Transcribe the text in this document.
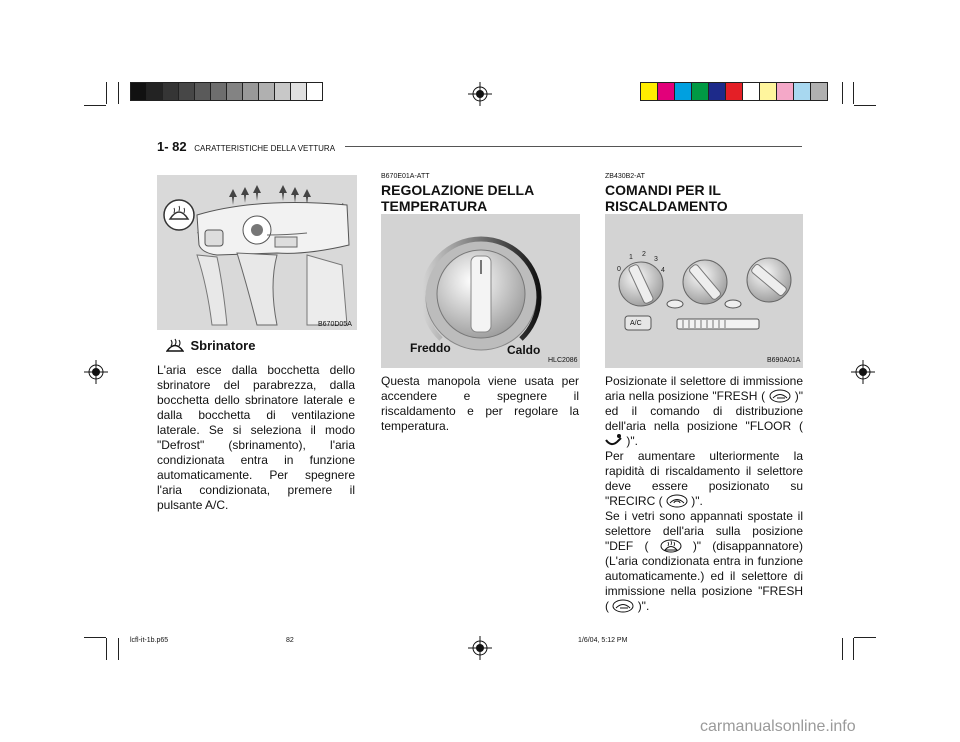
1- 82 CARATTERISTICHE DELLA VETTURA
B670D05A
Sbrinatore
L'aria esce dalla bocchetta dello sbrinatore del parabrezza, dalla bocchetta dello sbrinatore laterale e dalla bocchetta di ventilazione laterale. Se si seleziona il modo "Defrost" (sbrinamento), l'aria condizionata entra in funzione automaticamente. Per spegnere l'aria condizionata, premere il pulsante A/C.
B670E01A-ATT
REGOLAZIONE DELLA TEMPERATURA
Freddo	Caldo
HLC2086
Questa manopola viene usata per accendere e spegnere il riscaldamento e per regolare la temperatura.
ZB430B2-AT
COMANDI PER IL RISCALDAMENTO
0
1 2
3
4
A/C
B690A01A
Posizionate il selettore di immissione aria nella posizione "FRESH ( )" ed il comando di distribuzione dell'aria nella posizione "FLOOR (  )".
Per aumentare ulteriormente la rapidità di riscaldamento il selettore deve essere posizionato su "RECIRC ( )".
Se i vetri sono appannati spostate il selettore dell'aria sulla posizione "DEF (	)" (disappannatore) (L'aria condizionata entra in funzione automaticamente.) ed il selettore di immissione nella posizione "FRESH ( )".
lcfl-it-1b.p65	82	1/6/04, 5:12 PM
carmanualsonline.info
